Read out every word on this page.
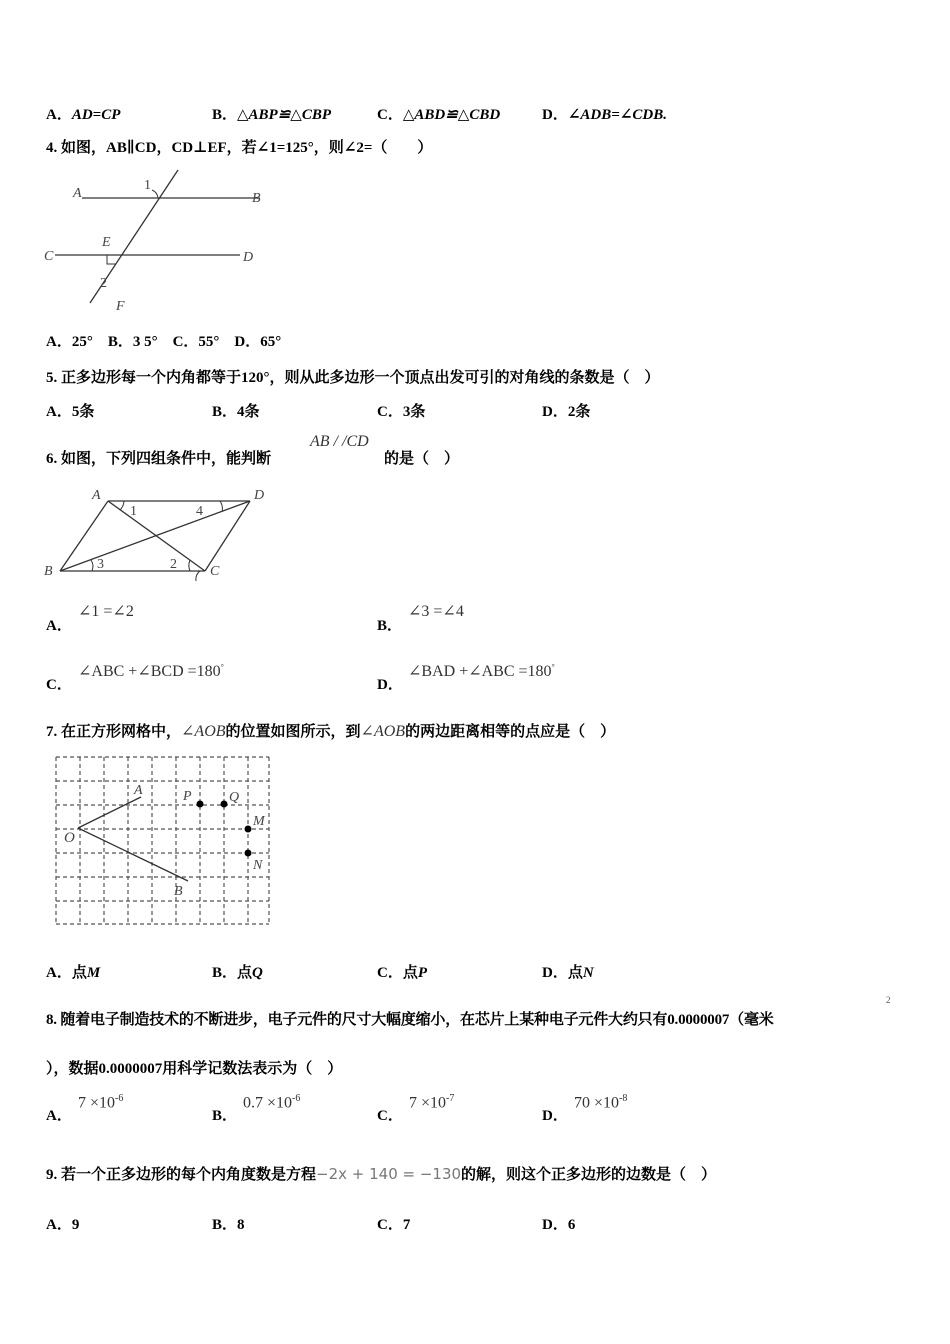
A．AD=CP	B．△ABP≌△CBP	C．△ABD≌△CBD	D．∠ADB=∠CDB.
4. 如图，AB∥CD，CD⊥EF，若∠1=125°，则∠2=（　　）
A	B
C	D
E
F
1
2
A．25°　B．3 5°　C．55°　D．65°
5. 正多边形每一个内角都等于120°，则从此多边形一个顶点出发可引的对角线的条数是（　）
A．5条	B．4条	C．3条	D．2条
6. 如图，下列四组条件中，能判断
AB / /CD
的是（　）
A	D
B	C
1	4
3	2
A．
∠1 =∠2
B．
∠3 =∠4
C．
∠ABC +∠BCD =180°
D．
∠BAD +∠ABC =180°
7. 在正方形网格中，∠AOB的位置如图所示，到∠AOB的两边距离相等的点应是（　）
A
B
O
P	Q
M
N
A．点M	B．点Q	C．点P	D．点N
2
8. 随着电子制造技术的不断进步，电子元件的尺寸大幅度缩小，在芯片上某种电子元件大约只有0.0000007（毫米
），数据0.0000007用科学记数法表示为（　）
A．
$7 \times 10^{-6}$
B．
$0.7 \times 10^{-6}$
C．
$7 \times 10^{-7}$
D．
$70 \times 10^{-8}$
9. 若一个正多边形的每个内角度数是方程−2x + 140 = −130的解，则这个正多边形的边数是（　）
A．9	B．8	C．7	D．6
